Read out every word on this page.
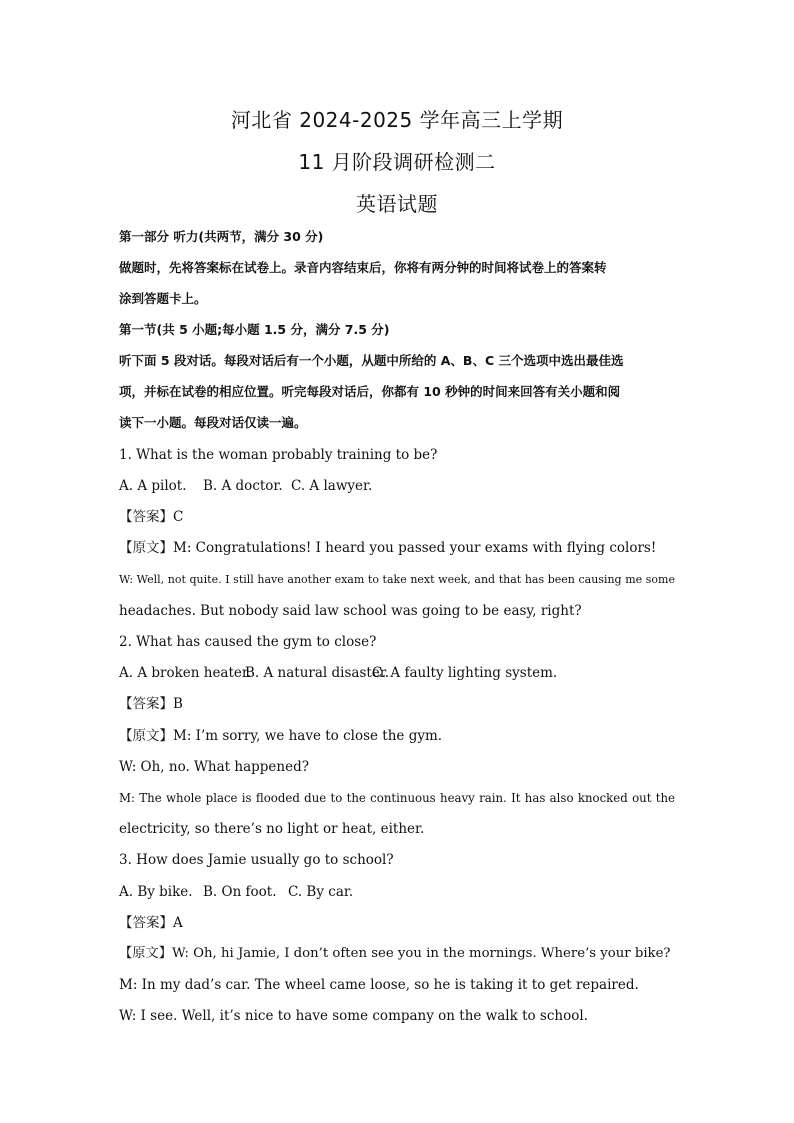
河北省 2024-2025 学年高三上学期
11 月阶段调研检测二
英语试题
第一部分 听力(共两节，满分 30 分)
做题时，先将答案标在试卷上。录音内容结束后，你将有两分钟的时间将试卷上的答案转
涂到答题卡上。
第一节(共 5 小题;每小题 1.5 分，满分 7.5 分)
听下面 5 段对话。每段对话后有一个小题，从题中所给的 A、B、C 三个选项中选出最佳选
项，并标在试卷的相应位置。听完每段对话后，你都有 10 秒钟的时间来回答有关小题和阅
读下一小题。每段对话仅读一遍。
1. What is the woman probably training to be?
A. A pilot. B. A doctor. C. A lawyer.
【答案】C
【原文】M: Congratulations! I heard you passed your exams with flying colors!
W: Well, not quite. I still have another exam to take next week, and that has been causing me some
headaches. But nobody said law school was going to be easy, right?
2. What has caused the gym to close?
A. A broken heater.B. A natural disaster.C. A faulty lighting system.
【答案】B
【原文】M: I’m sorry, we have to close the gym.
W: Oh, no. What happened?
M: The whole place is flooded due to the continuous heavy rain. It has also knocked out the
electricity, so there’s no light or heat, either.
3. How does Jamie usually go to school?
A. By bike. B. On foot. C. By car.
【答案】A
【原文】W: Oh, hi Jamie, I don’t often see you in the mornings. Where’s your bike?
M: In my dad’s car. The wheel came loose, so he is taking it to get repaired.
W: I see. Well, it’s nice to have some company on the walk to school.
